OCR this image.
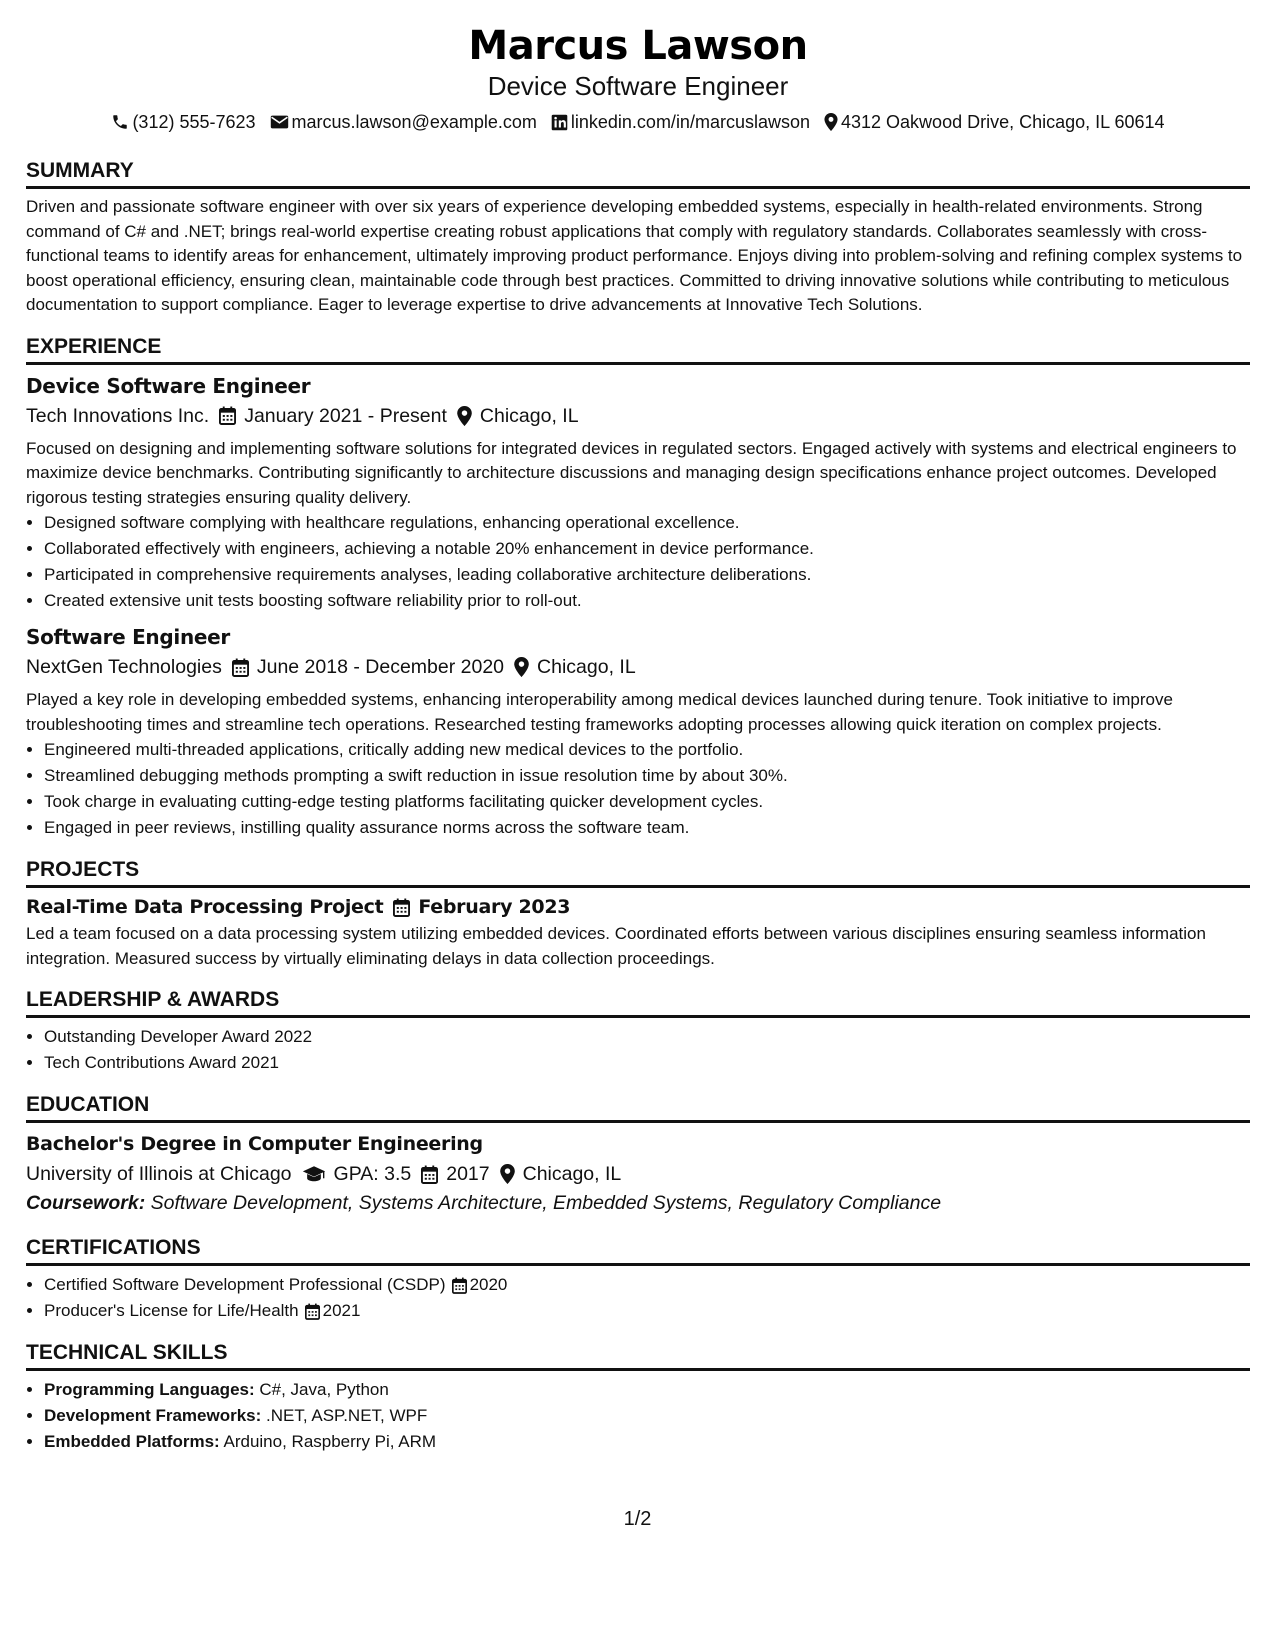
Marcus Lawson
Device Software Engineer
(312) 555-7623 marcus.lawson@example.com linkedin.com/in/marcuslawson 4312 Oakwood Drive, Chicago, IL 60614
SUMMARY
Driven and passionate software engineer with over six years of experience developing embedded systems, especially in health-related environments. Strong command of C# and .NET; brings real-world expertise creating robust applications that comply with regulatory standards. Collaborates seamlessly with cross-functional teams to identify areas for enhancement, ultimately improving product performance. Enjoys diving into problem-solving and refining complex systems to boost operational efficiency, ensuring clean, maintainable code through best practices. Committed to driving innovative solutions while contributing to meticulous documentation to support compliance. Eager to leverage expertise to drive advancements at Innovative Tech Solutions.
EXPERIENCE
Device Software Engineer
Tech Innovations Inc. January 2021 - Present Chicago, IL
Focused on designing and implementing software solutions for integrated devices in regulated sectors. Engaged actively with systems and electrical engineers to maximize device benchmarks. Contributing significantly to architecture discussions and managing design specifications enhance project outcomes. Developed rigorous testing strategies ensuring quality delivery.
• Designed software complying with healthcare regulations, enhancing operational excellence.
• Collaborated effectively with engineers, achieving a notable 20% enhancement in device performance.
• Participated in comprehensive requirements analyses, leading collaborative architecture deliberations.
• Created extensive unit tests boosting software reliability prior to roll-out.
Software Engineer
NextGen Technologies June 2018 - December 2020 Chicago, IL
Played a key role in developing embedded systems, enhancing interoperability among medical devices launched during tenure. Took initiative to improve troubleshooting times and streamline tech operations. Researched testing frameworks adopting processes allowing quick iteration on complex projects.
• Engineered multi-threaded applications, critically adding new medical devices to the portfolio.
• Streamlined debugging methods prompting a swift reduction in issue resolution time by about 30%.
• Took charge in evaluating cutting-edge testing platforms facilitating quicker development cycles.
• Engaged in peer reviews, instilling quality assurance norms across the software team.
PROJECTS
Real-Time Data Processing Project February 2023
Led a team focused on a data processing system utilizing embedded devices. Coordinated efforts between various disciplines ensuring seamless information integration. Measured success by virtually eliminating delays in data collection proceedings.
LEADERSHIP & AWARDS
• Outstanding Developer Award 2022
• Tech Contributions Award 2021
EDUCATION
Bachelor's Degree in Computer Engineering
University of Illinois at Chicago GPA: 3.5 2017 Chicago, IL
Coursework: Software Development, Systems Architecture, Embedded Systems, Regulatory Compliance
CERTIFICATIONS
• Certified Software Development Professional (CSDP) 2020
• Producer's License for Life/Health 2021
TECHNICAL SKILLS
• Programming Languages: C#, Java, Python
• Development Frameworks: .NET, ASP.NET, WPF
• Embedded Platforms: Arduino, Raspberry Pi, ARM
1/2
